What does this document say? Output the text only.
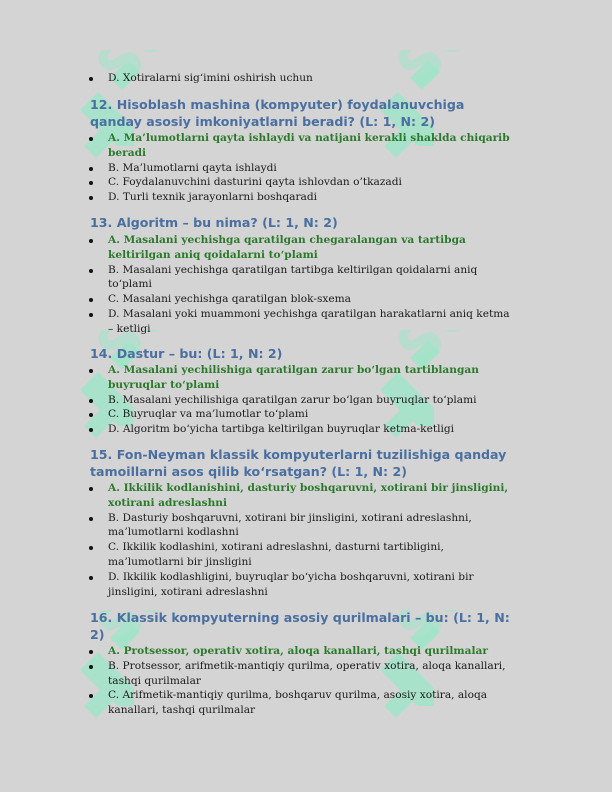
D. Xotiralarni sig‘imini oshirish uchun
12. Hisoblash mashina (kompyuter) foydalanuvchiga qanday asosiy imkoniyatlarni beradi? (L: 1, N: 2)
A. Ma’lumotlarni qayta ishlaydi va natijani kerakli shaklda chiqarib beradi
B. Ma’lumotlarni qayta ishlaydi
C. Foydalanuvchini dasturini qayta ishlovdan o’tkazadi
D. Turli texnik jarayonlarni boshqaradi
13. Algoritm – bu nima? (L: 1, N: 2)
A. Masalani yechishga qaratilgan chegaralangan va tartibga keltirilgan aniq qoidalarni to‘plami
B. Masalani yechishga qaratilgan tartibga keltirilgan qoidalarni aniq to‘plami
C. Masalani yechishga qaratilgan blok-sxema
D. Masalani yoki muammoni yechishga qaratilgan harakatlarni aniq ketma – ketligi
14. Dastur – bu: (L: 1, N: 2)
A. Masalani yechilishiga qaratilgan zarur bo‘lgan tartiblangan buyruqlar to‘plami
B. Masalani yechilishiga qaratilgan zarur bo‘lgan buyruqlar to‘plami
C. Buyruqlar va ma’lumotlar to‘plami
D. Algoritm bo‘yicha tartibga keltirilgan buyruqlar ketma-ketligi
15. Fon-Neyman klassik kompyuterlarni tuzilishiga qanday tamoillarni asos qilib ko‘rsatgan? (L: 1, N: 2)
A. Ikkilik kodlanishini, dasturiy boshqaruvni, xotirani bir jinsligini, xotirani adreslashni
B. Dasturiy boshqaruvni, xotirani bir jinsligini, xotirani adreslashni, ma’lumotlarni kodlashni
C. Ikkilik kodlashini, xotirani adreslashni, dasturni tartibligini, ma’lumotlarni bir jinsligini
D. Ikkilik kodlashligini, buyruqlar bo‘yicha boshqaruvni, xotirani bir jinsligini, xotirani adreslashni
16. Klassik kompyuterning asosiy qurilmalari – bu: (L: 1, N: 2)
A. Protsessor, operativ xotira, aloqa kanallari, tashqi qurilmalar
B. Protsessor, arifmetik-mantiqiy qurilma, operativ xotira, aloqa kanallari, tashqi qurilmalar
C. Arifmetik-mantiqiy qurilma, boshqaruv qurilma, asosiy xotira, aloqa kanallari, tashqi qurilmalar
